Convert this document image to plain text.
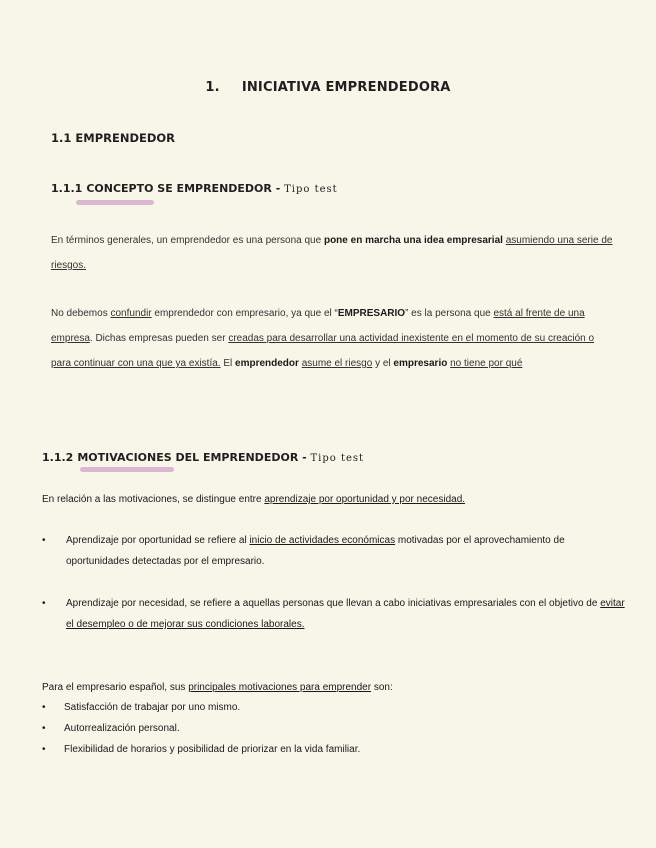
1. INICIATIVA EMPRENDEDORA
1.1 EMPRENDEDOR
1.1.1 CONCEPTO SE EMPRENDEDOR - Tipo test
En términos generales, un emprendedor es una persona que pone en marcha una idea empresarial asumiendo una serie de riesgos.
No debemos confundir emprendedor con empresario, ya que el “EMPRESARIO” es la persona que está al frente de una empresa. Dichas empresas pueden ser creadas para desarrollar una actividad inexistente en el momento de su creación o para continuar con una que ya existía. El emprendedor asume el riesgo y el empresario no tiene por qué
1.1.2 MOTIVACIONES DEL EMPRENDEDOR - Tipo test
En relación a las motivaciones, se distingue entre aprendizaje por oportunidad y por necesidad.
• Aprendizaje por oportunidad se refiere al inicio de actividades económicas motivadas por el aprovechamiento de oportunidades detectadas por el empresario.
• Aprendizaje por necesidad, se refiere a aquellas personas que llevan a cabo iniciativas empresariales con el objetivo de evitar el desempleo o de mejorar sus condiciones laborales.
Para el empresario español, sus principales motivaciones para emprender son:
• Satisfacción de trabajar por uno mismo.
• Autorrealización personal.
• Flexibilidad de horarios y posibilidad de priorizar en la vida familiar.
